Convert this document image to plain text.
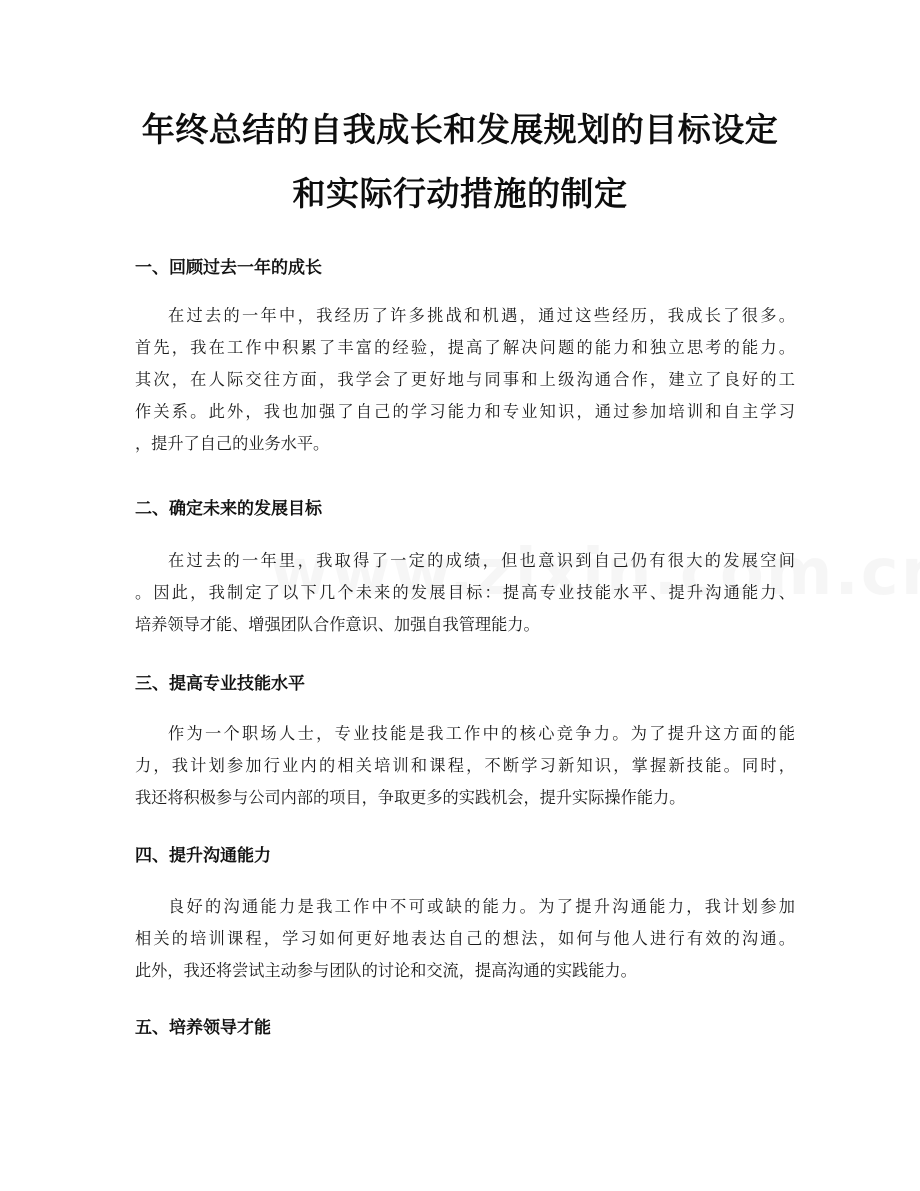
年终总结的自我成长和发展规划的目标设定
和实际行动措施的制定
一、回顾过去一年的成长
在过去的一年中，我经历了许多挑战和机遇，通过这些经历，我成长了很多。
首先，我在工作中积累了丰富的经验，提高了解决问题的能力和独立思考的能力。
其次，在人际交往方面，我学会了更好地与同事和上级沟通合作，建立了良好的工
作关系。此外，我也加强了自己的学习能力和专业知识，通过参加培训和自主学习
，提升了自己的业务水平。
二、确定未来的发展目标
在过去的一年里，我取得了一定的成绩，但也意识到自己仍有很大的发展空间
。因此，我制定了以下几个未来的发展目标：提高专业技能水平、提升沟通能力、
培养领导才能、增强团队合作意识、加强自我管理能力。
三、提高专业技能水平
作为一个职场人士，专业技能是我工作中的核心竞争力。为了提升这方面的能
力，我计划参加行业内的相关培训和课程，不断学习新知识，掌握新技能。同时，
我还将积极参与公司内部的项目，争取更多的实践机会，提升实际操作能力。
四、提升沟通能力
良好的沟通能力是我工作中不可或缺的能力。为了提升沟通能力，我计划参加
相关的培训课程，学习如何更好地表达自己的想法，如何与他人进行有效的沟通。
此外，我还将尝试主动参与团队的讨论和交流，提高沟通的实践能力。
五、培养领导才能
